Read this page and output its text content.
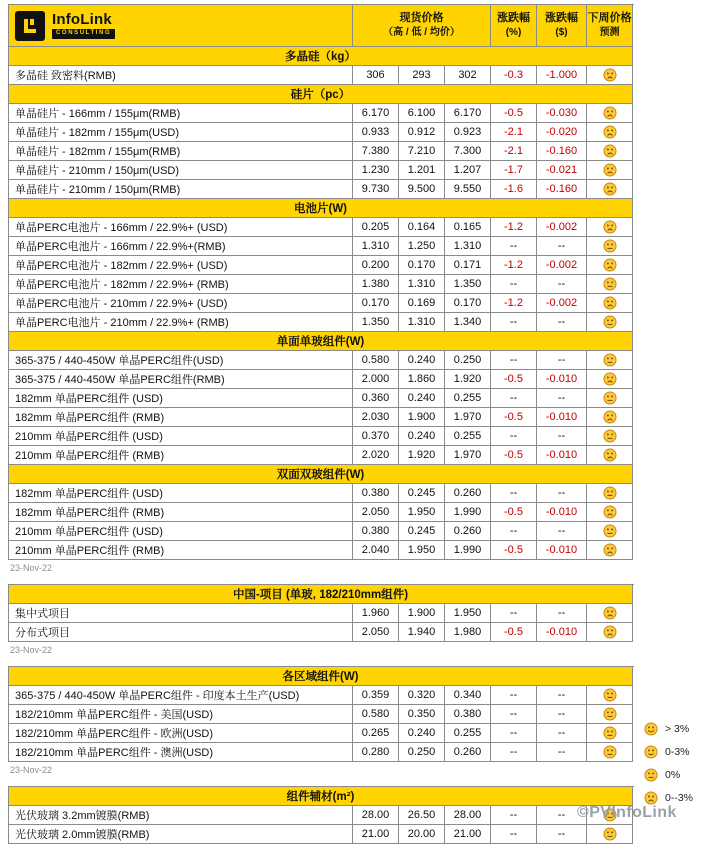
InfoLink
CONSULTING
现货价格
（高 / 低 / 均价）
涨跌幅
(%)
涨跌幅
($)
下周价格
预测
多晶硅（kg）
多晶硅 致密料(RMB)	306	293	302	-0.3	-1.000
硅片（pc）
单晶硅片 - 166mm / 155μm(RMB)	6.170	6.100	6.170	-0.5	-0.030
单晶硅片 - 182mm / 155μm(USD)	0.933	0.912	0.923	-2.1	-0.020
单晶硅片 - 182mm / 155μm(RMB)	7.380	7.210	7.300	-2.1	-0.160
单晶硅片 - 210mm / 150μm(USD)	1.230	1.201	1.207	-1.7	-0.021
单晶硅片 - 210mm / 150μm(RMB)	9.730	9.500	9.550	-1.6	-0.160
电池片(W)
单晶PERC电池片 - 166mm / 22.9%+ (USD)	0.205	0.164	0.165	-1.2	-0.002
单晶PERC电池片 - 166mm / 22.9%+(RMB)	1.310	1.250	1.310	--	--
单晶PERC电池片 - 182mm / 22.9%+ (USD)	0.200	0.170	0.171	-1.2	-0.002
单晶PERC电池片 - 182mm / 22.9%+ (RMB)	1.380	1.310	1.350	--	--
单晶PERC电池片 - 210mm / 22.9%+ (USD)	0.170	0.169	0.170	-1.2	-0.002
单晶PERC电池片 - 210mm / 22.9%+ (RMB)	1.350	1.310	1.340	--	--
单面单玻组件(W)
365-375 / 440-450W 单晶PERC组件(USD)	0.580	0.240	0.250	--	--
365-375 / 440-450W 单晶PERC组件(RMB)	2.000	1.860	1.920	-0.5	-0.010
182mm 单晶PERC组件 (USD)	0.360	0.240	0.255	--	--
182mm 单晶PERC组件 (RMB)	2.030	1.900	1.970	-0.5	-0.010
210mm 单晶PERC组件 (USD)	0.370	0.240	0.255	--	--
210mm 单晶PERC组件 (RMB)	2.020	1.920	1.970	-0.5	-0.010
双面双玻组件(W)
182mm 单晶PERC组件 (USD)	0.380	0.245	0.260	--	--
182mm 单晶PERC组件 (RMB)	2.050	1.950	1.990	-0.5	-0.010
210mm 单晶PERC组件 (USD)	0.380	0.245	0.260	--	--
210mm 单晶PERC组件 (RMB)	2.040	1.950	1.990	-0.5	-0.010
23-Nov-22
中国-项目 (单玻, 182/210mm组件)
集中式项目	1.960	1.900	1.950	--	--
分布式项目	2.050	1.940	1.980	-0.5	-0.010
23-Nov-22
各区域组件(W)
365-375 / 440-450W 单晶PERC组件 - 印度本土生产(USD)	0.359	0.320	0.340	--	--
182/210mm 单晶PERC组件 - 美国(USD)	0.580	0.350	0.380	--	--
182/210mm 单晶PERC组件 - 欧洲(USD)	0.265	0.240	0.255	--	--
182/210mm 单晶PERC组件 - 澳洲(USD)	0.280	0.250	0.260	--	--
23-Nov-22
组件辅材(m²)
光伏玻璃 3.2mm镀膜(RMB)	28.00	26.50	28.00	--	--
光伏玻璃 2.0mm镀膜(RMB)	21.00	20.00	21.00	--	--
> 3%
0-3%
0%
0--3%
©PVInfoLink
